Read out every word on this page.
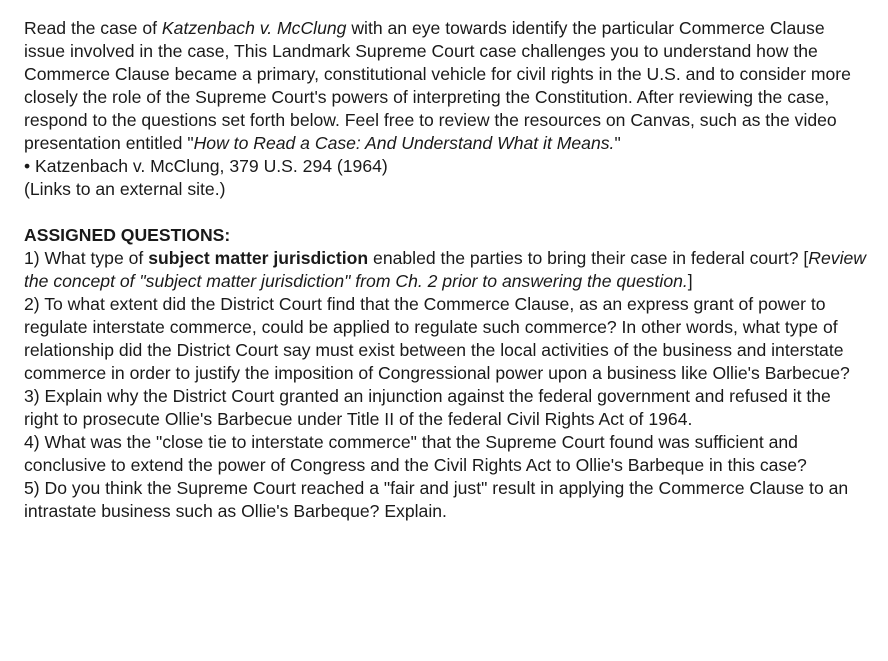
Read the case of Katzenbach v. McClung with an eye towards identify the particular Commerce Clause issue involved in the case, This Landmark Supreme Court case challenges you to understand how the Commerce Clause became a primary, constitutional vehicle for civil rights in the U.S. and to consider more closely the role of the Supreme Court's powers of interpreting the Constitution. After reviewing the case, respond to the questions set forth below. Feel free to review the resources on Canvas, such as the video presentation entitled "How to Read a Case: And Understand What it Means."

• Katzenbach v. McClung, 379 U.S. 294 (1964)

(Links to an external site.)

ASSIGNED QUESTIONS:

1) What type of subject matter jurisdiction enabled the parties to bring their case in federal court? [Review the concept of "subject matter jurisdiction" from Ch. 2 prior to answering the question.]

2) To what extent did the District Court find that the Commerce Clause, as an express grant of power to regulate interstate commerce, could be applied to regulate such commerce? In other words, what type of relationship did the District Court say must exist between the local activities of the business and interstate commerce in order to justify the imposition of Congressional power upon a business like Ollie's Barbecue?

3) Explain why the District Court granted an injunction against the federal government and refused it the right to prosecute Ollie's Barbecue under Title II of the federal Civil Rights Act of 1964.

4) What was the "close tie to interstate commerce" that the Supreme Court found was sufficient and conclusive to extend the power of Congress and the Civil Rights Act to Ollie's Barbeque in this case?

5) Do you think the Supreme Court reached a "fair and just" result in applying the Commerce Clause to an intrastate business such as Ollie's Barbeque? Explain.
